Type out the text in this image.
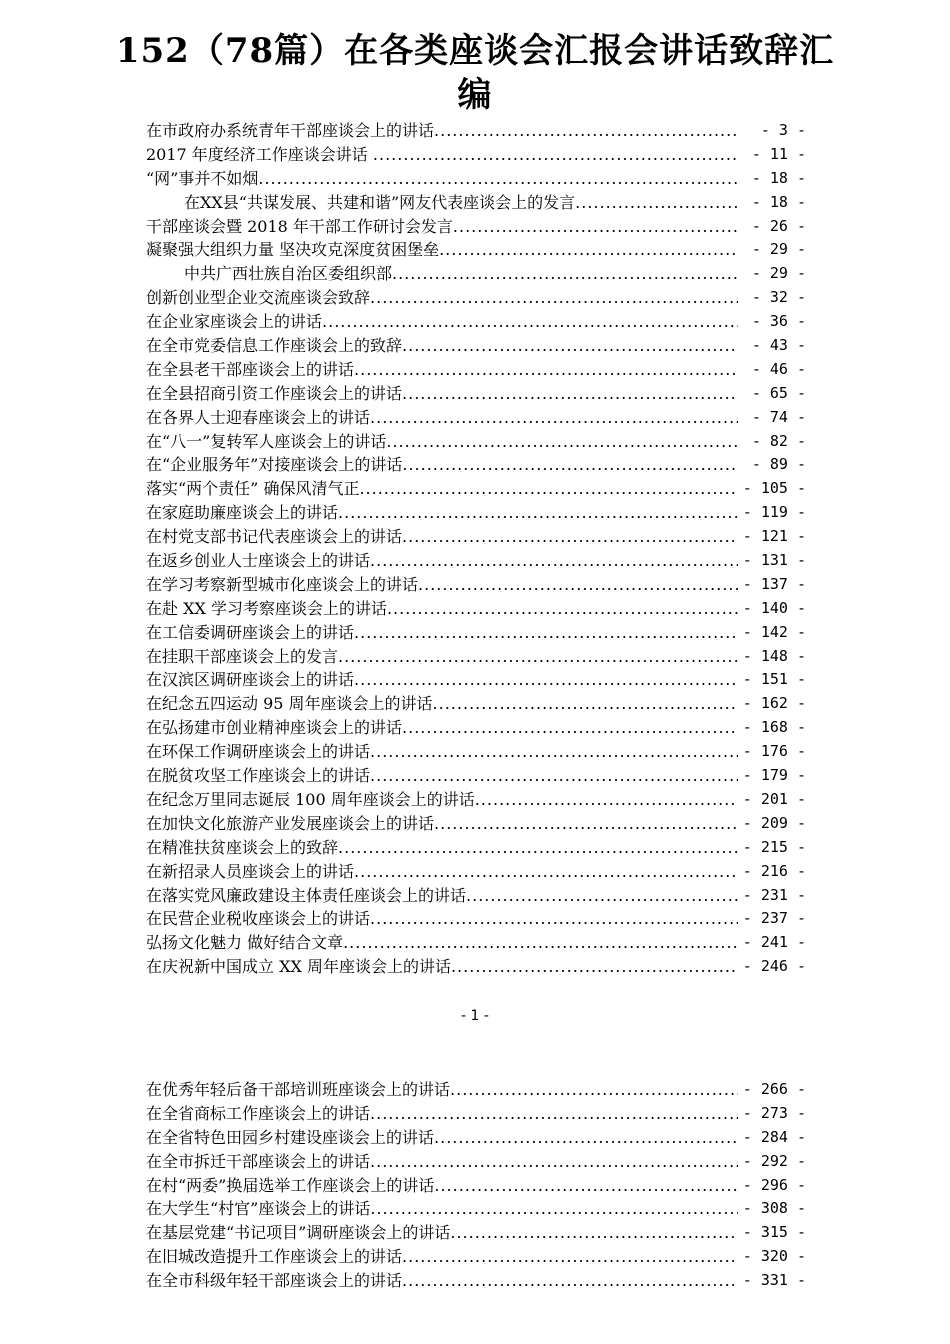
152（78篇）在各类座谈会汇报会讲话致辞汇编
在市政府办系统青年干部座谈会上的讲话 .....	- 3 -
2017 年度经济工作座谈会讲话 .....	- 11 -
“网”事并不如烟 .....	- 18 -
在XX县“共谋发展、共建和谐”网友代表座谈会上的发言 .....	- 18 -
干部座谈会暨 2018 年干部工作研讨会发言 .....	- 26 -
凝聚强大组织力量 坚决攻克深度贫困堡垒 .....	- 29 -
中共广西壮族自治区委组织部 .....	- 29 -
创新创业型企业交流座谈会致辞 .....	- 32 -
在企业家座谈会上的讲话 .....	- 36 -
在全市党委信息工作座谈会上的致辞 .....	- 43 -
在全县老干部座谈会上的讲话 .....	- 46 -
在全县招商引资工作座谈会上的讲话 .....	- 65 -
在各界人士迎春座谈会上的讲话 .....	- 74 -
在“八一”复转军人座谈会上的讲话 .....	- 82 -
在“企业服务年”对接座谈会上的讲话 .....	- 89 -
落实“两个责任” 确保风清气正 .....	- 105 -
在家庭助廉座谈会上的讲话 .....	- 119 -
在村党支部书记代表座谈会上的讲话 .....	- 121 -
在返乡创业人士座谈会上的讲话 .....	- 131 -
在学习考察新型城市化座谈会上的讲话 .....	- 137 -
在赴 XX 学习考察座谈会上的讲话 .....	- 140 -
在工信委调研座谈会上的讲话 .....	- 142 -
在挂职干部座谈会上的发言 .....	- 148 -
在汉滨区调研座谈会上的讲话 .....	- 151 -
在纪念五四运动 95 周年座谈会上的讲话 .....	- 162 -
在弘扬建市创业精神座谈会上的讲话 .....	- 168 -
在环保工作调研座谈会上的讲话 .....	- 176 -
在脱贫攻坚工作座谈会上的讲话 .....	- 179 -
在纪念万里同志诞辰 100 周年座谈会上的讲话 .....	- 201 -
在加快文化旅游产业发展座谈会上的讲话 .....	- 209 -
在精准扶贫座谈会上的致辞 .....	- 215 -
在新招录人员座谈会上的讲话 .....	- 216 -
在落实党风廉政建设主体责任座谈会上的讲话 .....	- 231 -
在民营企业税收座谈会上的讲话 .....	- 237 -
弘扬文化魅力 做好结合文章 .....	- 241 -
在庆祝新中国成立 XX 周年座谈会上的讲话 .....	- 246 -
- 1 -
在优秀年轻后备干部培训班座谈会上的讲话 .....	- 266 -
在全省商标工作座谈会上的讲话 .....	- 273 -
在全省特色田园乡村建设座谈会上的讲话 .....	- 284 -
在全市拆迁干部座谈会上的讲话 .....	- 292 -
在村“两委”换届选举工作座谈会上的讲话 .....	- 296 -
在大学生“村官”座谈会上的讲话 .....	- 308 -
在基层党建“书记项目”调研座谈会上的讲话 .....	- 315 -
在旧城改造提升工作座谈会上的讲话 .....	- 320 -
在全市科级年轻干部座谈会上的讲话 .....	- 331 -
